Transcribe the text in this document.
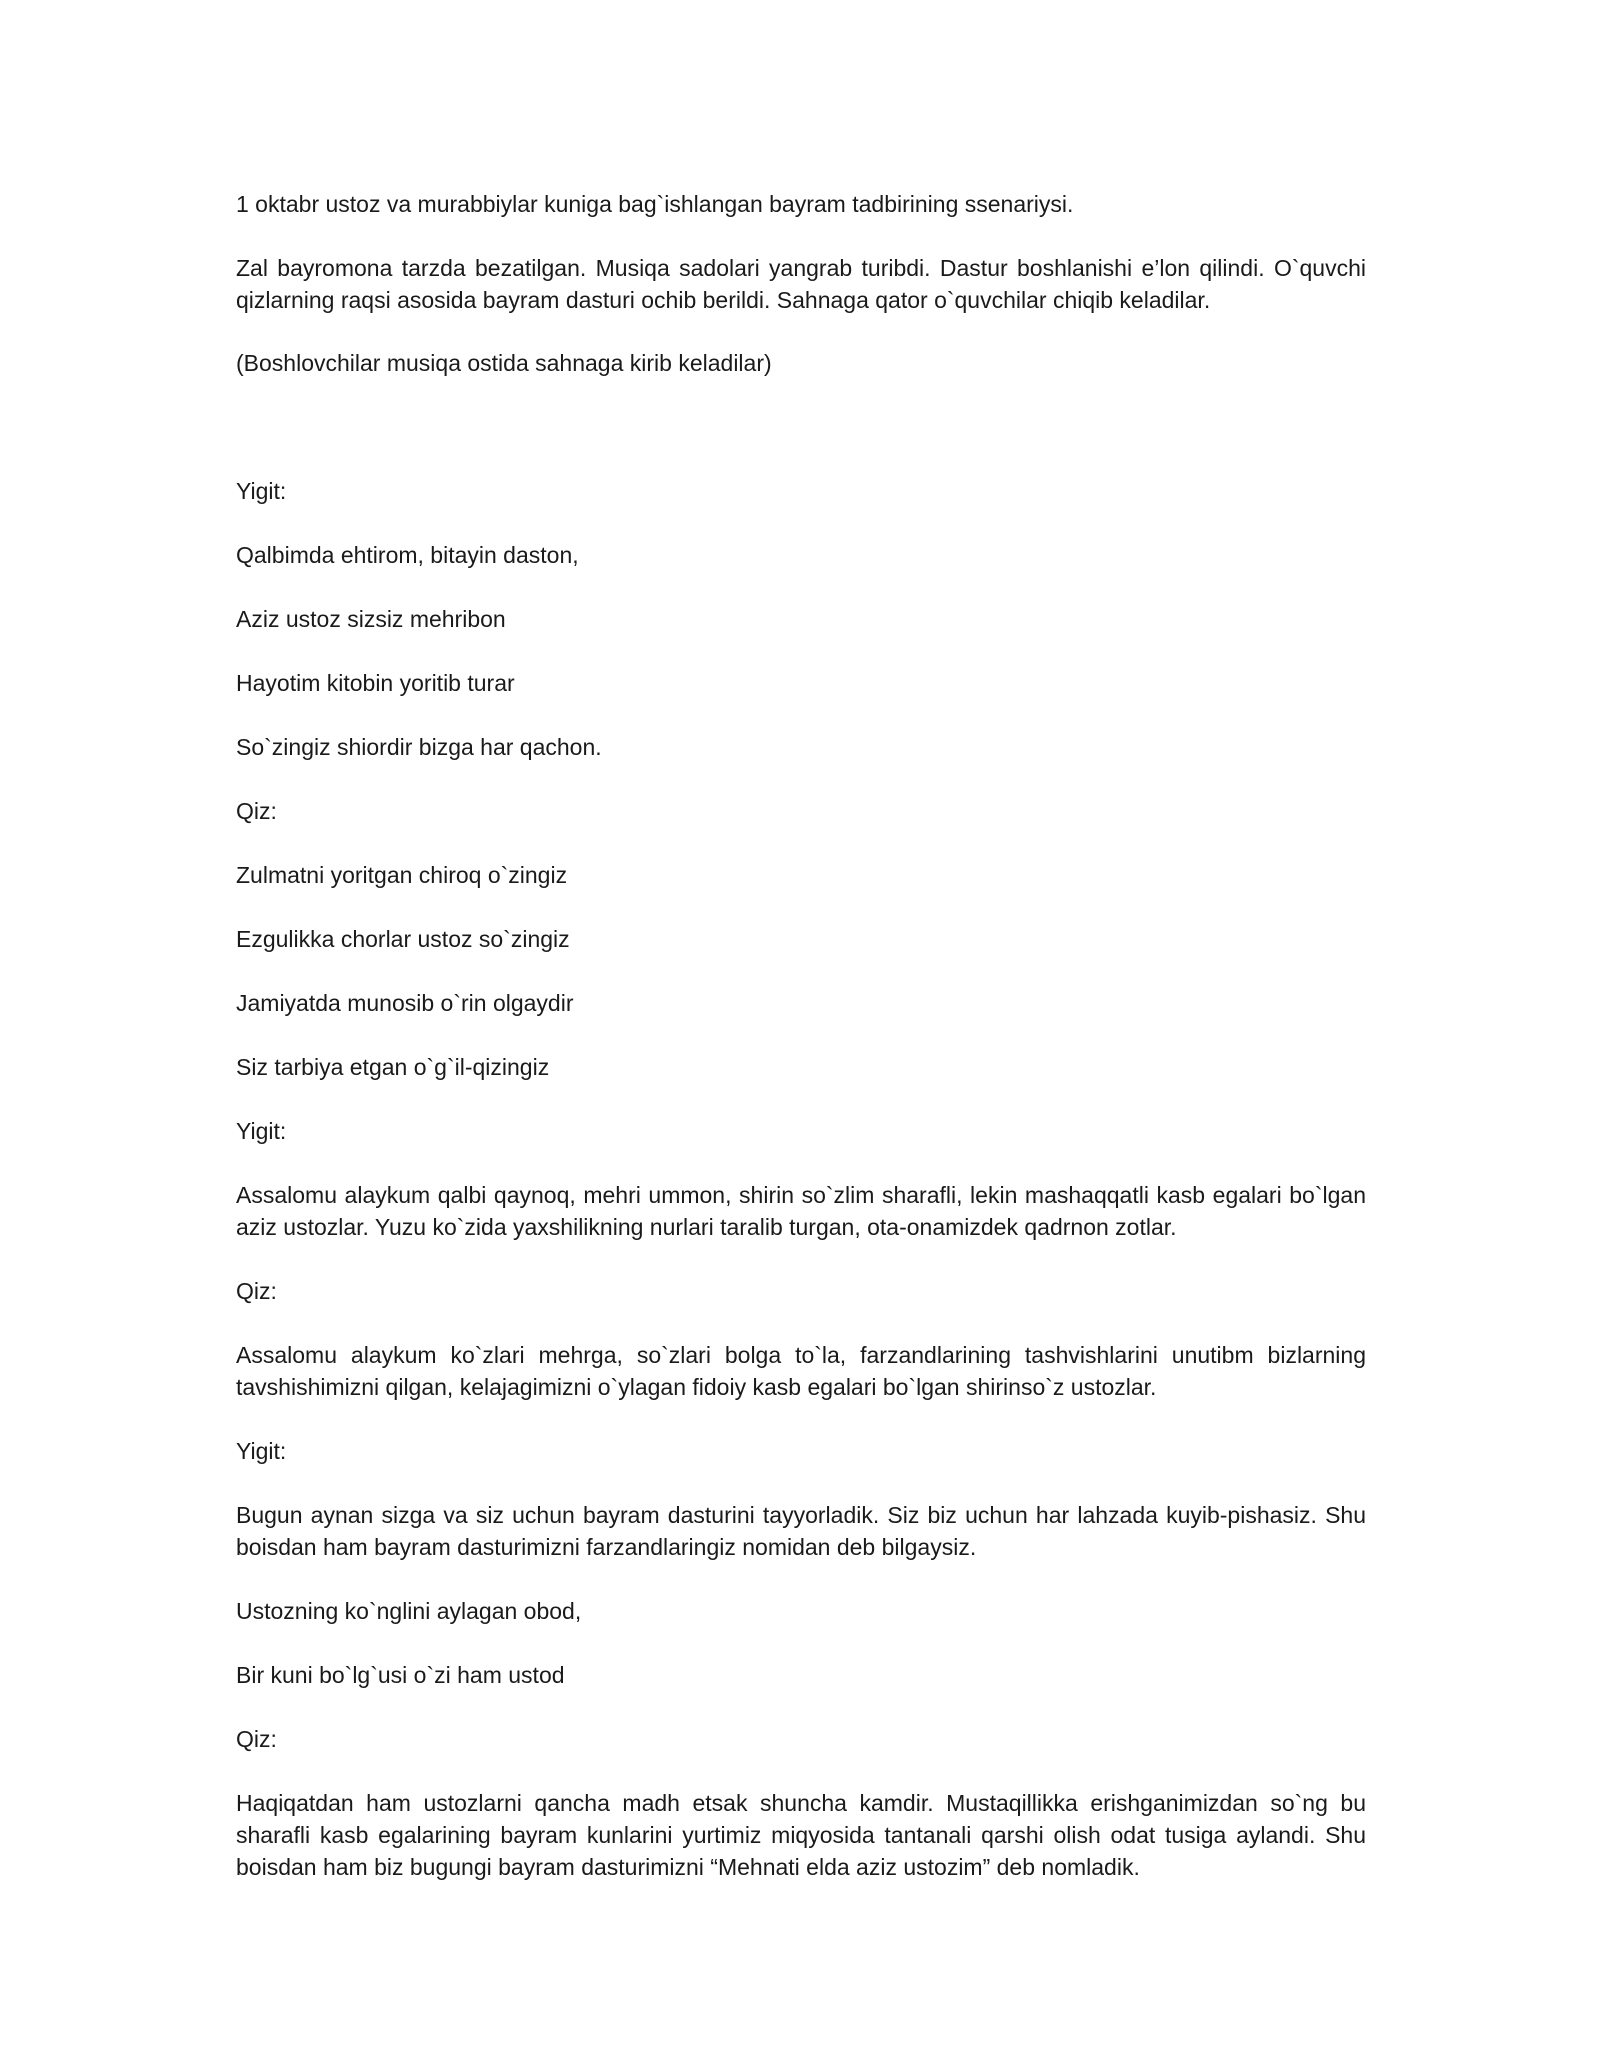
1 oktabr ustoz va murabbiylar kuniga bag`ishlangan bayram tadbirining ssenariysi.

Zal bayromona tarzda bezatilgan. Musiqa sadolari yangrab turibdi. Dastur boshlanishi e’lon qilindi. O`quvchi qizlarning raqsi asosida bayram dasturi ochib berildi. Sahnaga qator o`quvchilar chiqib keladilar.

(Boshlovchilar musiqa ostida sahnaga kirib keladilar)

Yigit:

Qalbimda ehtirom, bitayin daston,

Aziz ustoz sizsiz mehribon

Hayotim kitobin yoritib turar

So`zingiz shiordir bizga har qachon.

Qiz:

Zulmatni yoritgan chiroq o`zingiz

Ezgulikka chorlar ustoz so`zingiz

Jamiyatda munosib o`rin olgaydir

Siz tarbiya etgan o`g`il-qizingiz

Yigit:

Assalomu alaykum qalbi qaynoq, mehri ummon, shirin so`zlim sharafli, lekin mashaqqatli kasb egalari bo`lgan aziz ustozlar. Yuzu ko`zida yaxshilikning nurlari taralib turgan, ota-onamizdek qadrnon zotlar.

Qiz:

Assalomu alaykum ko`zlari mehrga, so`zlari bolga to`la, farzandlarining tashvishlarini unutibm bizlarning tavshishimizni qilgan, kelajagimizni o`ylagan fidoiy kasb egalari bo`lgan shirinso`z ustozlar.

Yigit:

Bugun aynan sizga va siz uchun bayram dasturini tayyorladik. Siz biz uchun har lahzada kuyib-pishasiz. Shu boisdan ham bayram dasturimizni farzandlaringiz nomidan deb bilgaysiz.

Ustozning ko`nglini aylagan obod,

Bir kuni bo`lg`usi o`zi ham ustod

Qiz:

Haqiqatdan ham ustozlarni qancha madh etsak shuncha kamdir. Mustaqillikka erishganimizdan so`ng bu sharafli kasb egalarining bayram kunlarini yurtimiz miqyosida tantanali qarshi olish odat tusiga aylandi. Shu boisdan ham biz bugungi bayram dasturimizni “Mehnati elda aziz ustozim” deb nomladik.
